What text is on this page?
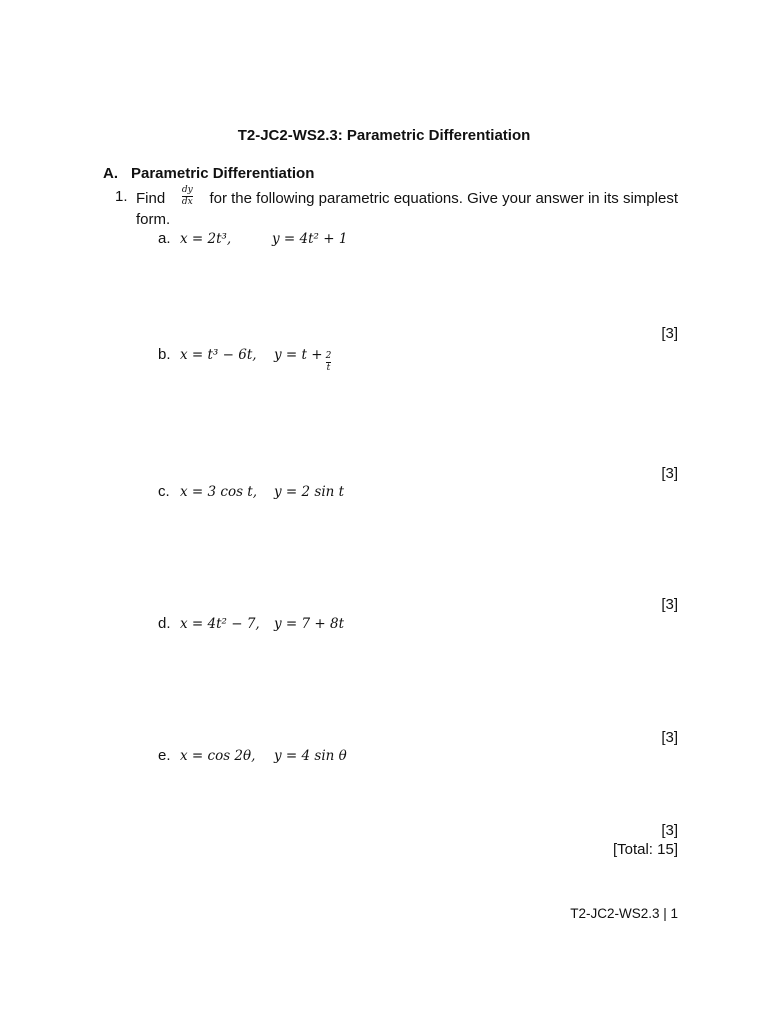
T2-JC2-WS2.3: Parametric Differentiation
A. Parametric Differentiation
1. Find $\frac{dy}{dx}$ for the following parametric equations. Give your answer in its simplest
form.
a. x = 2t³,	y = 4t² + 1
[3]
b. x = t³ − 6t,	y = t + 2
t
[3]
c. x = 3 cos t,	y = 2 sin t
[3]
d. x = 4t² − 7,	y = 7 + 8t
[3]
e. x = cos 2θ,	y = 4 sin θ
[3]
[Total: 15]
T2-JC2-WS2.3 | 1
